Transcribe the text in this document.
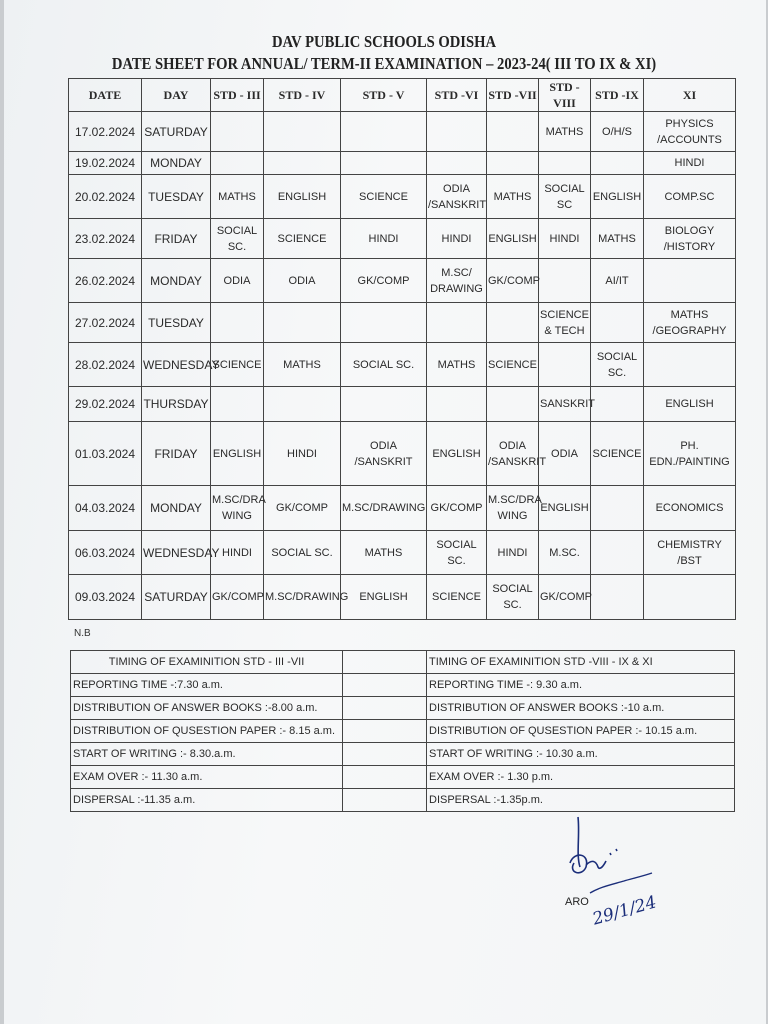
DAV PUBLIC SCHOOLS ODISHA
DATE SHEET FOR ANNUAL/ TERM-II EXAMINATION – 2023-24( III TO IX & XI)
DATE	DAY	STD - III	STD - IV	STD - V	STD -VI	STD -VII	STD -VIII	STD -IX	XI
17.02.2024	SATURDAY						MATHS	O/H/S	PHYSICS /ACCOUNTS
19.02.2024	MONDAY								HINDI
20.02.2024	TUESDAY	MATHS	ENGLISH	SCIENCE	ODIA /SANSKRIT	MATHS	SOCIAL SC	ENGLISH	COMP.SC
23.02.2024	FRIDAY	SOCIAL SC.	SCIENCE	HINDI	HINDI	ENGLISH	HINDI	MATHS	BIOLOGY /HISTORY
26.02.2024	MONDAY	ODIA	ODIA	GK/COMP	M.SC/ DRAWING	GK/COMP		AI/IT	
27.02.2024	TUESDAY						SCIENCE & TECH		MATHS /GEOGRAPHY
28.02.2024	WEDNESDAY	SCIENCE	MATHS	SOCIAL SC.	MATHS	SCIENCE		SOCIAL SC.	
29.02.2024	THURSDAY						SANSKRIT		ENGLISH
01.03.2024	FRIDAY	ENGLISH	HINDI	ODIA /SANSKRIT	ENGLISH	ODIA /SANSKRIT	ODIA	SCIENCE	PH. EDN./PAINTING
04.03.2024	MONDAY	M.SC/DRA WING	GK/COMP	M.SC/DRAWING	GK/COMP	M.SC/DRA WING	ENGLISH		ECONOMICS
06.03.2024	WEDNESDAY	HINDI	SOCIAL SC.	MATHS	SOCIAL SC.	HINDI	M.SC.		CHEMISTRY /BST
09.03.2024	SATURDAY	GK/COMP	M.SC/DRAWING	ENGLISH	SCIENCE	SOCIAL SC.	GK/COMP		
N.B
TIMING OF EXAMINITION STD - III -VII		TIMING OF EXAMINITION STD -VIII - IX & XI
REPORTING TIME -:7.30 a.m.		REPORTING TIME -: 9.30 a.m.
DISTRIBUTION OF ANSWER BOOKS :-8.00 a.m.		DISTRIBUTION OF ANSWER BOOKS :-10 a.m.
DISTRIBUTION OF QUSESTION PAPER :- 8.15 a.m.		DISTRIBUTION OF QUSESTION PAPER :- 10.15 a.m.
START OF WRITING :- 8.30.a.m.		START OF WRITING :- 10.30 a.m.
EXAM OVER :- 11.30 a.m.		EXAM OVER :- 1.30 p.m.
DISPERSAL :-11.35 a.m.		DISPERSAL :-1.35p.m.
29/1/24
ARO
